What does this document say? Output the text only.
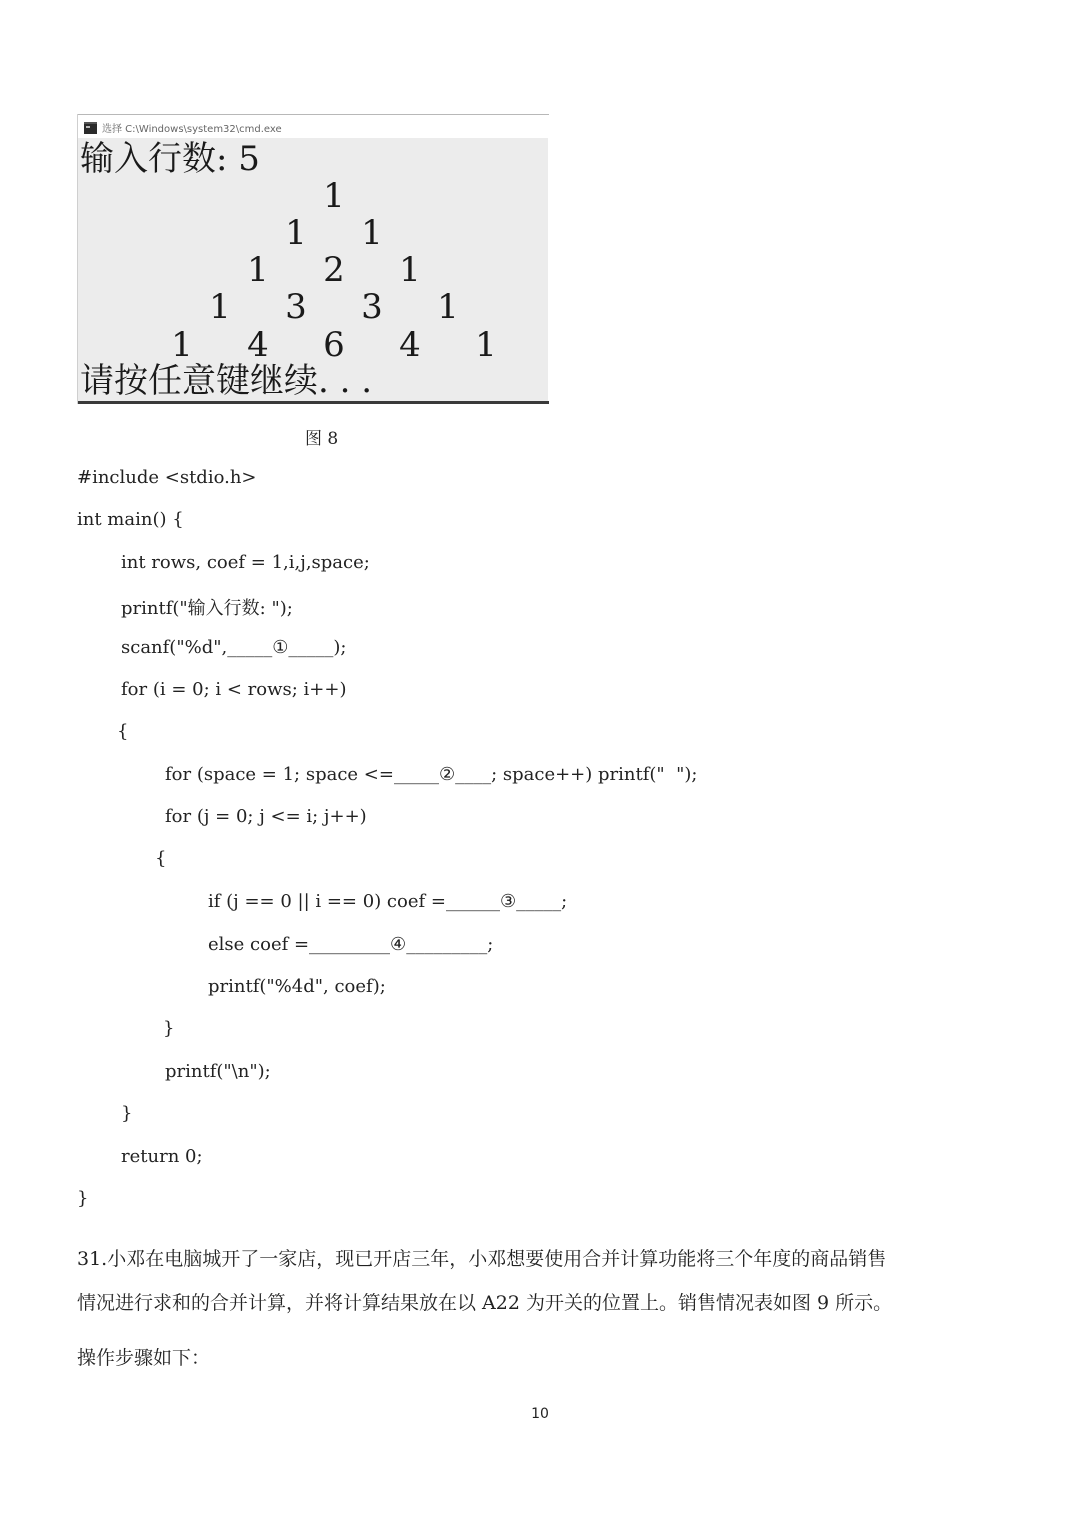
选择 C:\Windows\system32\cmd.exe
输入行数: 5
1
1 1
1 2 1
1 3 3 1
1 4 6 4 1
请按任意键继续. . .
图 8
#include <stdio.h>
int main() {
int rows, coef = 1,i,j,space;
printf("输入行数: ");
scanf("%d",_____①_____);
for (i = 0; i < rows; i++)
{
for (space = 1; space <=_____②____; space++) printf("  ");
for (j = 0; j <= i; j++)
{
if (j == 0 || i == 0) coef =______③_____;
else coef =_________④_________;
printf("%4d", coef);
}
printf("\n");
}
return 0;
}
31.小邓在电脑城开了一家店，现已开店三年，小邓想要使用合并计算功能将三个年度的商品销售
情况进行求和的合并计算，并将计算结果放在以 A22 为开关的位置上。销售情况表如图 9 所示。
操作步骤如下：
10
